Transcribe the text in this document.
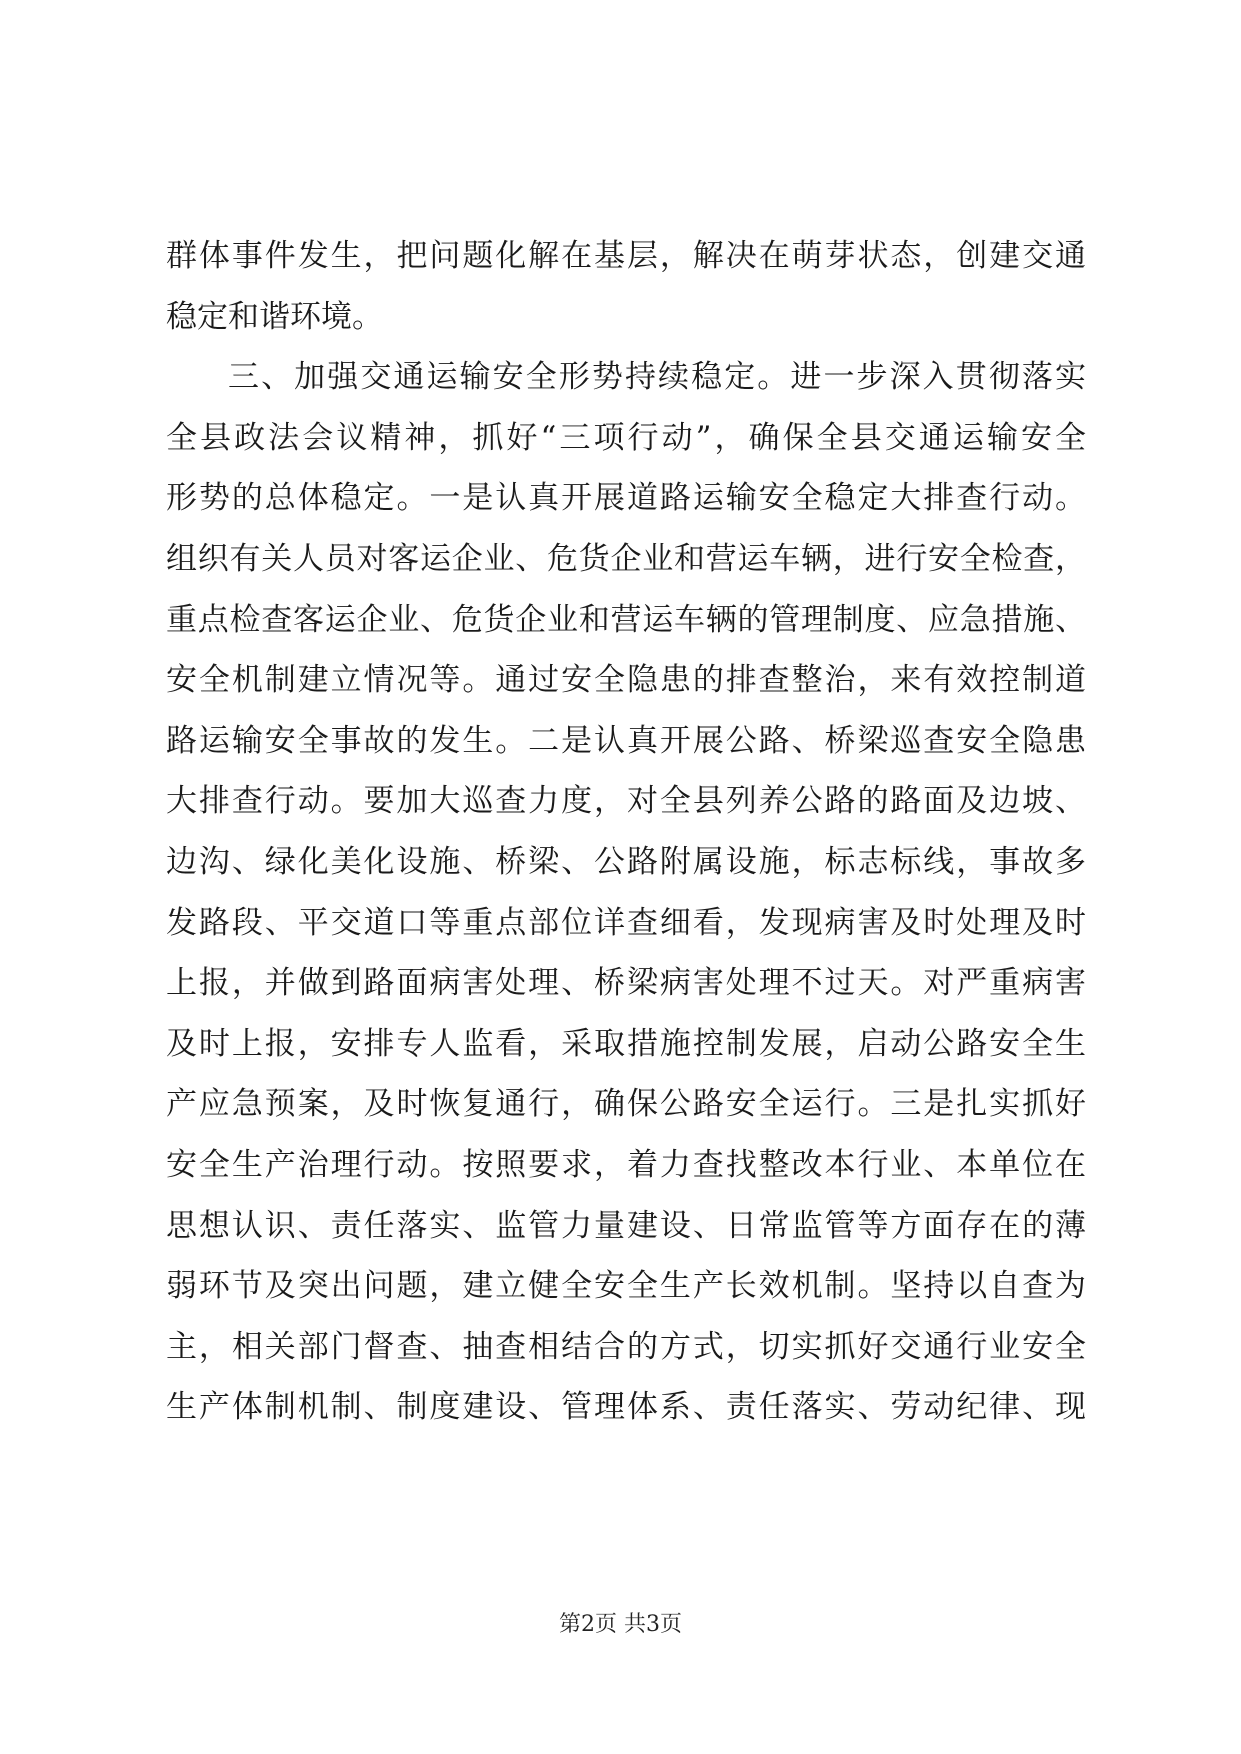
群体事件发生，把问题化解在基层，解决在萌芽状态，创建交通
稳定和谐环境。
三、加强交通运输安全形势持续稳定。进一步深入贯彻落实
全县政法会议精神，抓好“三项行动”，确保全县交通运输安全
形势的总体稳定。一是认真开展道路运输安全稳定大排查行动。
组织有关人员对客运企业、危货企业和营运车辆，进行安全检查，
重点检查客运企业、危货企业和营运车辆的管理制度、应急措施、
安全机制建立情况等。通过安全隐患的排查整治，来有效控制道
路运输安全事故的发生。二是认真开展公路、桥梁巡查安全隐患
大排查行动。要加大巡查力度，对全县列养公路的路面及边坡、
边沟、绿化美化设施、桥梁、公路附属设施，标志标线，事故多
发路段、平交道口等重点部位详查细看，发现病害及时处理及时
上报，并做到路面病害处理、桥梁病害处理不过天。对严重病害
及时上报，安排专人监看，采取措施控制发展，启动公路安全生
产应急预案，及时恢复通行，确保公路安全运行。三是扎实抓好
安全生产治理行动。按照要求，着力查找整改本行业、本单位在
思想认识、责任落实、监管力量建设、日常监管等方面存在的薄
弱环节及突出问题，建立健全安全生产长效机制。坚持以自查为
主，相关部门督查、抽查相结合的方式，切实抓好交通行业安全
生产体制机制、制度建设、管理体系、责任落实、劳动纪律、现
第2页 共3页
